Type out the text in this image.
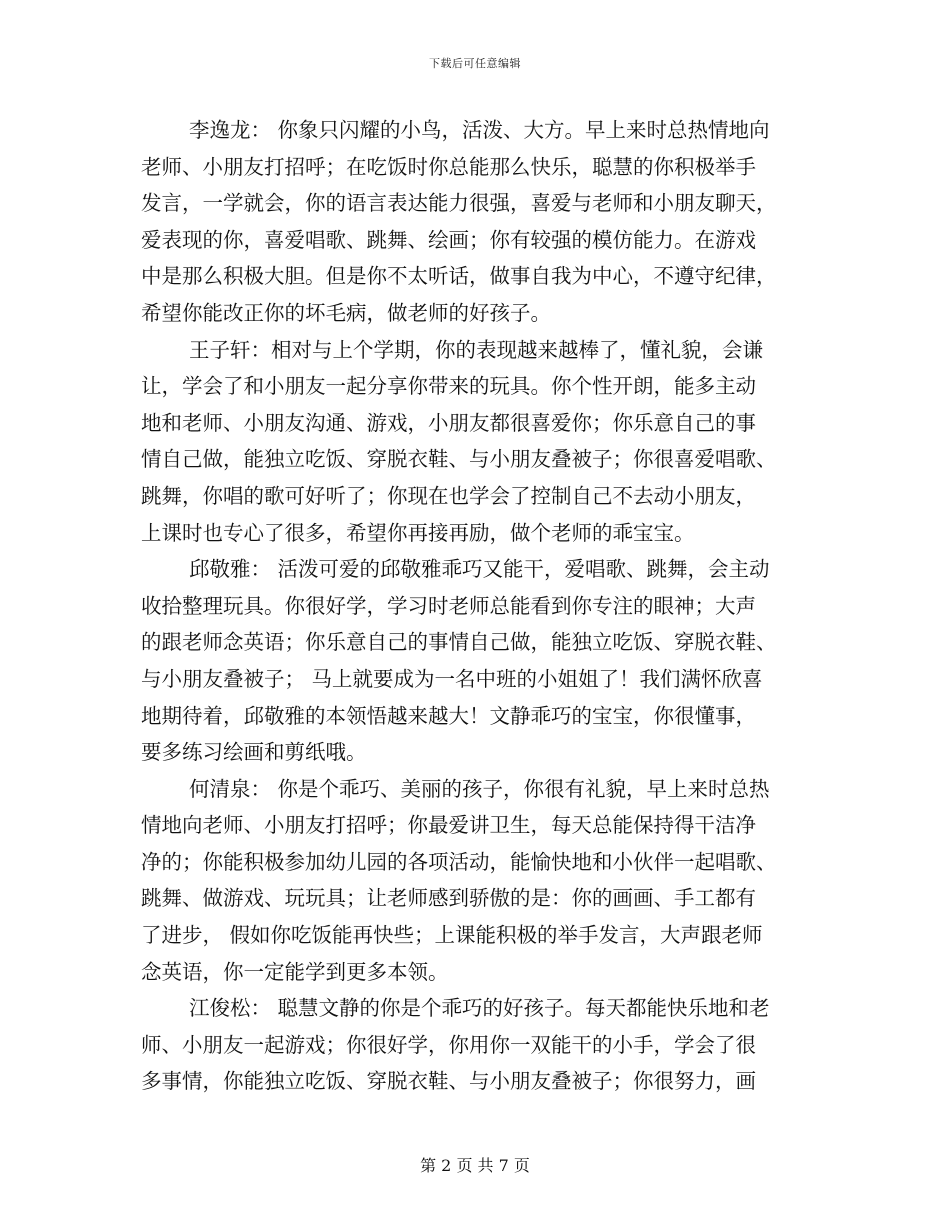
下载后可任意编辑
李逸龙： 你象只闪耀的小鸟，活泼、大方。早上来时总热情地向
老师、小朋友打招呼；在吃饭时你总能那么快乐，聪慧的你积极举手
发言，一学就会，你的语言表达能力很强，喜爱与老师和小朋友聊天，
爱表现的你，喜爱唱歌、跳舞、绘画；你有较强的模仿能力。在游戏
中是那么积极大胆。但是你不太听话，做事自我为中心，不遵守纪律，
希望你能改正你的坏毛病，做老师的好孩子。
王子轩：相对与上个学期，你的表现越来越棒了，懂礼貌，会谦
让，学会了和小朋友一起分享你带来的玩具。你个性开朗，能多主动
地和老师、小朋友沟通、游戏，小朋友都很喜爱你；你乐意自己的事
情自己做，能独立吃饭、穿脱衣鞋、与小朋友叠被子；你很喜爱唱歌、
跳舞，你唱的歌可好听了；你现在也学会了控制自己不去动小朋友，
上课时也专心了很多，希望你再接再励，做个老师的乖宝宝。
邱敬雅： 活泼可爱的邱敬雅乖巧又能干，爱唱歌、跳舞，会主动
收拾整理玩具。你很好学，学习时老师总能看到你专注的眼神；大声
的跟老师念英语；你乐意自己的事情自己做，能独立吃饭、穿脱衣鞋、
与小朋友叠被子； 马上就要成为一名中班的小姐姐了！我们满怀欣喜
地期待着，邱敬雅的本领悟越来越大！文静乖巧的宝宝，你很懂事，
要多练习绘画和剪纸哦。
何清泉： 你是个乖巧、美丽的孩子，你很有礼貌，早上来时总热
情地向老师、小朋友打招呼；你最爱讲卫生，每天总能保持得干洁净
净的；你能积极参加幼儿园的各项活动，能愉快地和小伙伴一起唱歌、
跳舞、做游戏、玩玩具；让老师感到骄傲的是：你的画画、手工都有
了进步， 假如你吃饭能再快些；上课能积极的举手发言，大声跟老师
念英语，你一定能学到更多本领。
江俊松： 聪慧文静的你是个乖巧的好孩子。每天都能快乐地和老
师、小朋友一起游戏；你很好学，你用你一双能干的小手，学会了很
多事情，你能独立吃饭、穿脱衣鞋、与小朋友叠被子；你很努力，画
第 2 页 共 7 页
